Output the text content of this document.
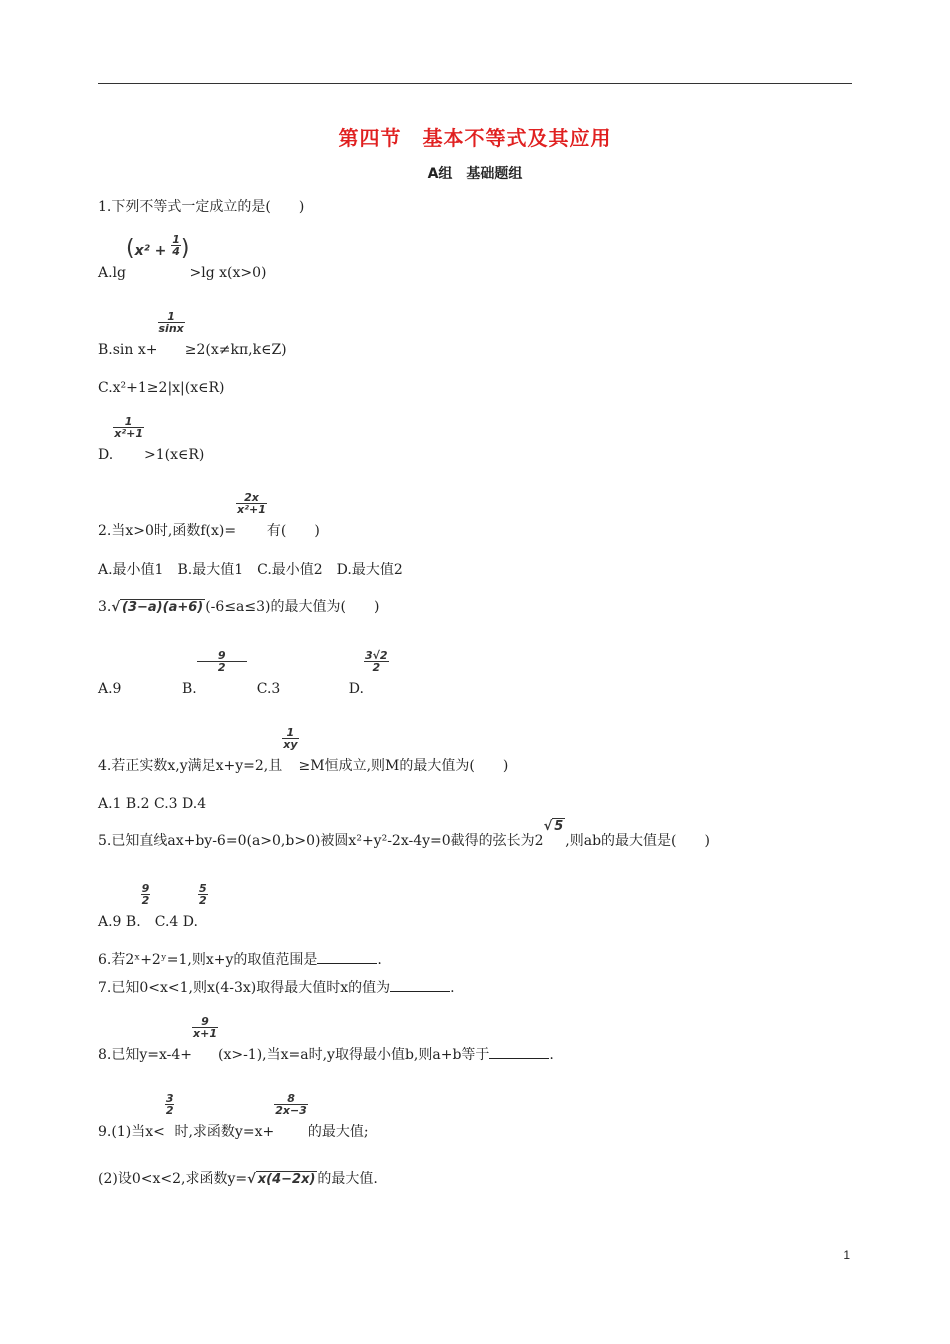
第四节　基本不等式及其应用
A组　基础题组
1.下列不等式一定成立的是(　　)
$A.\lg(x^2 + \frac{1}{4} )>\lg$ x(x>0)
B.sin x+
$\frac{1}{\sin x}$
≥2(x≠kπ,k∈Z)
C.x²+1≥2|x|(x∈R)
D.
$\frac{1}{\text{x²+1}}$
>1(x∈R)
2.当x>0时,函数f(x)=
$\frac{2x}{\text{x²+1}}$
有(　　)
A.最小值1　B.最大值1　C.最小值2　D.最大值2
3.√ (3−a)(a+6) (-6≤a≤3)的最大值为(　　)
A.9	B.
$\frac{9}{2}$
C.3	D.
$\frac{3√2}{2}$
4.若正实数x,y满足x+y=2,且
$\frac{1}{xy}$
≥M恒成立,则M的最大值为(　　)
A.1 B.2 C.3 D.4
5.已知直线ax+by-6=0(a>0,b>0)被圆x²+y²-2x-4y=0截得的弦长为2√ 5,则ab的最大值是(　　)
A.9 B.
$\frac{9}{2}$
C.4 D.
$\frac{5}{2}$
6.若2ˣ+2ʸ=1,则x+y的取值范围是	.
7.已知0<x<1,则x(4-3x)取得最大值时x的值为	.
8.已知y=x-4+
$\frac{9}{x+1}$
(x>-1),当x=a时,y取得最小值b,则a+b等于	.
9.(1)当x<
$\frac{3}{2}$
时,求函数y=x+
$\frac{8}{2x-3}$
的最大值;
(2)设0<x<2,求函数y=√ x(4−2x) 的最大值.
1
